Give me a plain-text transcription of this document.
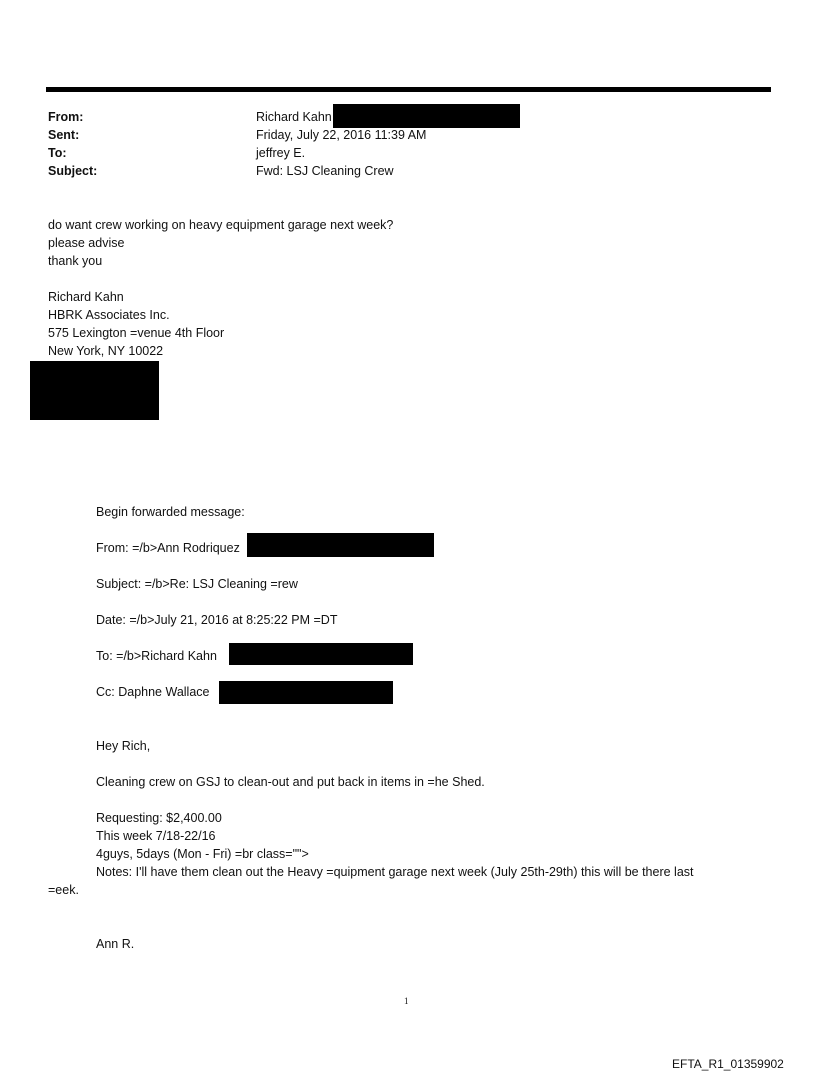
From:	Richard Kahn
Sent:	Friday, July 22, 2016 11:39 AM
To:	jeffrey E.
Subject:	Fwd: LSJ Cleaning Crew
do want crew working on heavy equipment garage next week?
please advise
thank you
Richard Kahn
HBRK Associates Inc.
575 Lexington =venue 4th Floor
New York, NY 10022
Begin forwarded message:
From: =/b>Ann Rodriquez
Subject: =/b>Re: LSJ Cleaning =rew
Date: =/b>July 21, 2016 at 8:25:22 PM =DT
To: =/b>Richard Kahn
Cc: Daphne Wallace
Hey Rich,
Cleaning crew on GSJ to clean-out and put back in items in =he Shed.
Requesting: $2,400.00
This week 7/18-22/16
4guys, 5days (Mon - Fri) =br class="">
Notes: I'll have them clean out the Heavy =quipment garage next week (July 25th-29th) this will be there last
=eek.
Ann R.
1
EFTA_R1_01359902
